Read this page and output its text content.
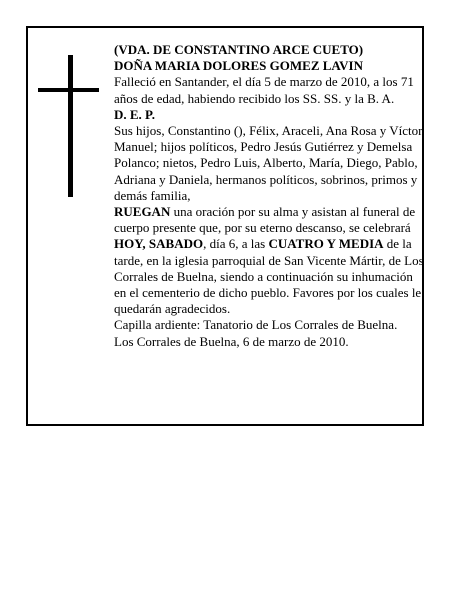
(VDA. DE CONSTANTINO ARCE CUETO)

DOÑA MARIA DOLORES GOMEZ LAVIN

Falleció en Santander, el día 5 de marzo de 2010, a los 71 años de edad, habiendo recibido los SS. SS. y la B. A.

D. E. P.

Sus hijos, Constantino (), Félix, Araceli, Ana Rosa y Víctor Manuel; hijos políticos, Pedro Jesús Gutiérrez y Demelsa Polanco; nietos, Pedro Luis, Alberto, María, Diego, Pablo, Adriana y Daniela, hermanos políticos, sobrinos, primos y demás familia,

RUEGAN una oración por su alma y asistan al funeral de cuerpo presente que, por su eterno descanso, se celebrará HOY, SABADO, día 6, a las CUATRO Y MEDIA de la tarde, en la iglesia parroquial de San Vicente Mártir, de Los Corrales de Buelna, siendo a continuación su inhumación en el cementerio de dicho pueblo. Favores por los cuales le quedarán agradecidos.

Capilla ardiente: Tanatorio de Los Corrales de Buelna.

Los Corrales de Buelna, 6 de marzo de 2010.
